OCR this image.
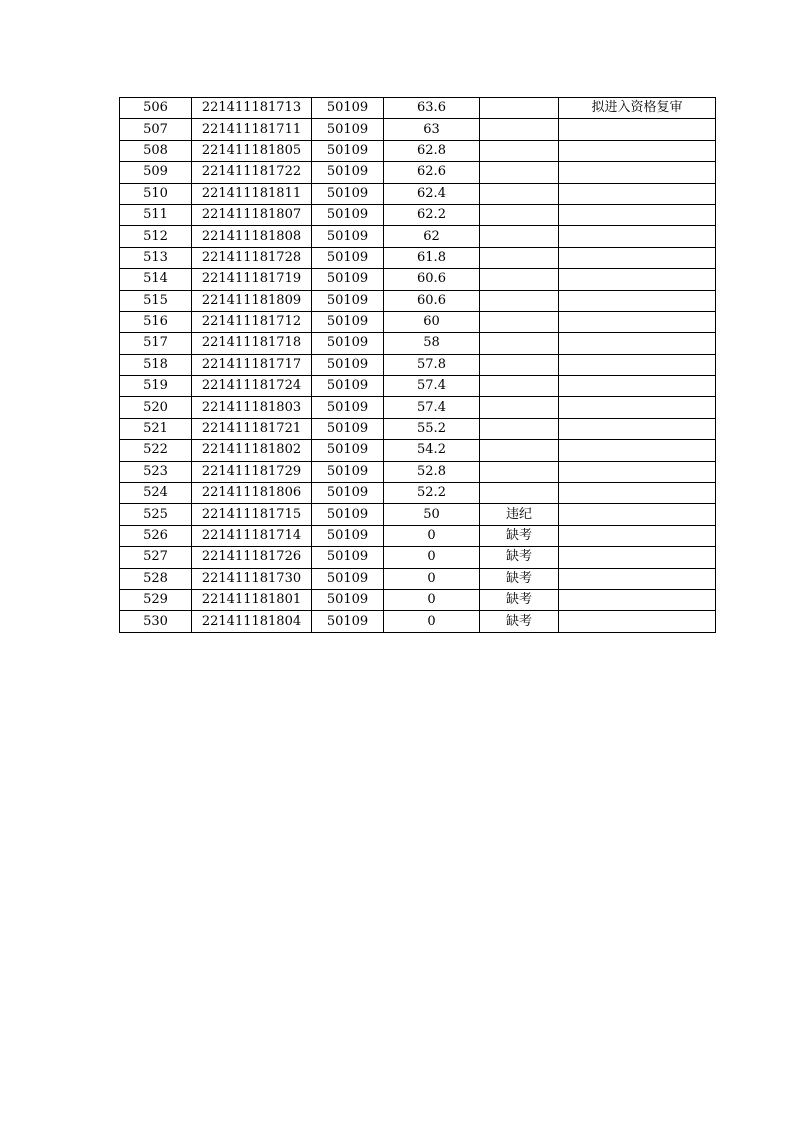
506	221411181713	50109	63.6		拟进入资格复审
507	221411181711	50109	63		
508	221411181805	50109	62.8		
509	221411181722	50109	62.6		
510	221411181811	50109	62.4		
511	221411181807	50109	62.2		
512	221411181808	50109	62		
513	221411181728	50109	61.8		
514	221411181719	50109	60.6		
515	221411181809	50109	60.6		
516	221411181712	50109	60		
517	221411181718	50109	58		
518	221411181717	50109	57.8		
519	221411181724	50109	57.4		
520	221411181803	50109	57.4		
521	221411181721	50109	55.2		
522	221411181802	50109	54.2		
523	221411181729	50109	52.8		
524	221411181806	50109	52.2		
525	221411181715	50109	50	违纪	
526	221411181714	50109	0	缺考	
527	221411181726	50109	0	缺考	
528	221411181730	50109	0	缺考	
529	221411181801	50109	0	缺考	
530	221411181804	50109	0	缺考	
